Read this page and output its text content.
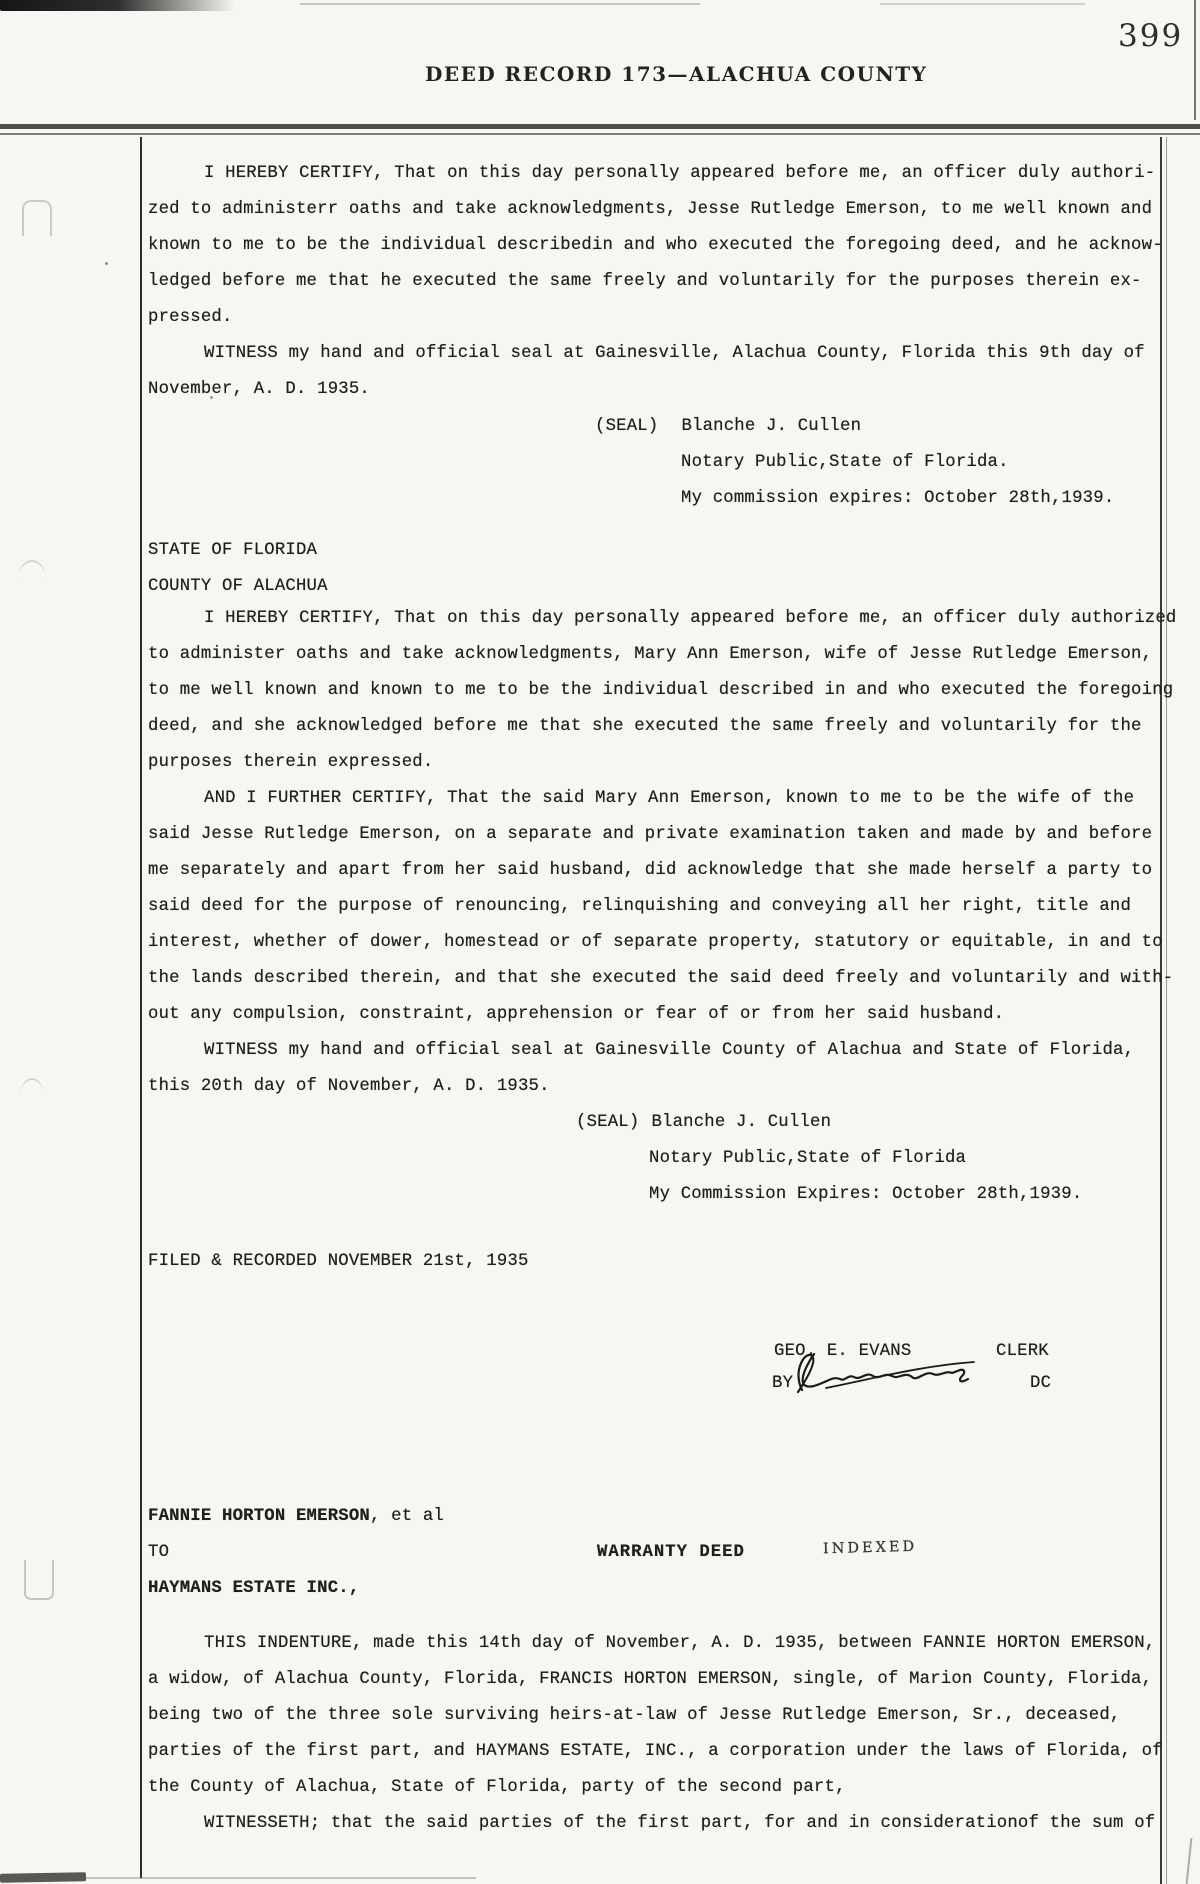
399
DEED RECORD 173—ALACHUA COUNTY
I HEREBY CERTIFY, That on this day personally appeared before me, an officer duly authori-
zed to administerr oaths and take acknowledgments, Jesse Rutledge Emerson, to me well known and
known to me to be the individual describedin and who executed the foregoing deed, and he acknow-
ledged before me that he executed the same freely and voluntarily for the purposes therein ex-
pressed.
WITNESS my hand and official seal at Gainesville, Alachua County, Florida this 9th day of
November, A. D. 1935.
(SEAL) Blanche J. Cullen
Notary Public,State of Florida.
My commission expires: October 28th,1939.
STATE OF FLORIDA
COUNTY OF ALACHUA
I HEREBY CERTIFY, That on this day personally appeared before me, an officer duly authorized
to administer oaths and take acknowledgments, Mary Ann Emerson, wife of Jesse Rutledge Emerson,
to me well known and known to me to be the individual described in and who executed the foregoing
deed, and she acknowledged before me that she executed the same freely and voluntarily for the
purposes therein expressed.
AND I FURTHER CERTIFY, That the said Mary Ann Emerson, known to me to be the wife of the
said Jesse Rutledge Emerson, on a separate and private examination taken and made by and before
me separately and apart from her said husband, did acknowledge that she made herself a party to
said deed for the purpose of renouncing, relinquishing and conveying all her right, title and
interest, whether of dower, homestead or of separate property, statutory or equitable, in and to
the lands described therein, and that she executed the said deed freely and voluntarily and with-
out any compulsion, constraint, apprehension or fear of or from her said husband.
WITNESS my hand and official seal at Gainesville County of Alachua and State of Florida,
this 20th day of November, A. D. 1935.
(SEAL) Blanche J. Cullen
Notary Public,State of Florida
My Commission Expires: October 28th,1939.
FILED & RECORDED NOVEMBER 21st, 1935
GEO. E. EVANS	CLERK
BY	DC
FANNIE HORTON EMERSON, et al
TO	WARRANTY DEED	INDEXED
HAYMANS ESTATE INC.,
THIS INDENTURE, made this 14th day of November, A. D. 1935, between FANNIE HORTON EMERSON,
a widow, of Alachua County, Florida, FRANCIS HORTON EMERSON, single, of Marion County, Florida,
being two of the three sole surviving heirs-at-law of Jesse Rutledge Emerson, Sr., deceased,
parties of the first part, and HAYMANS ESTATE, INC., a corporation under the laws of Florida, of
the County of Alachua, State of Florida, party of the second part,
WITNESSETH; that the said parties of the first part, for and in considerationof the sum of
